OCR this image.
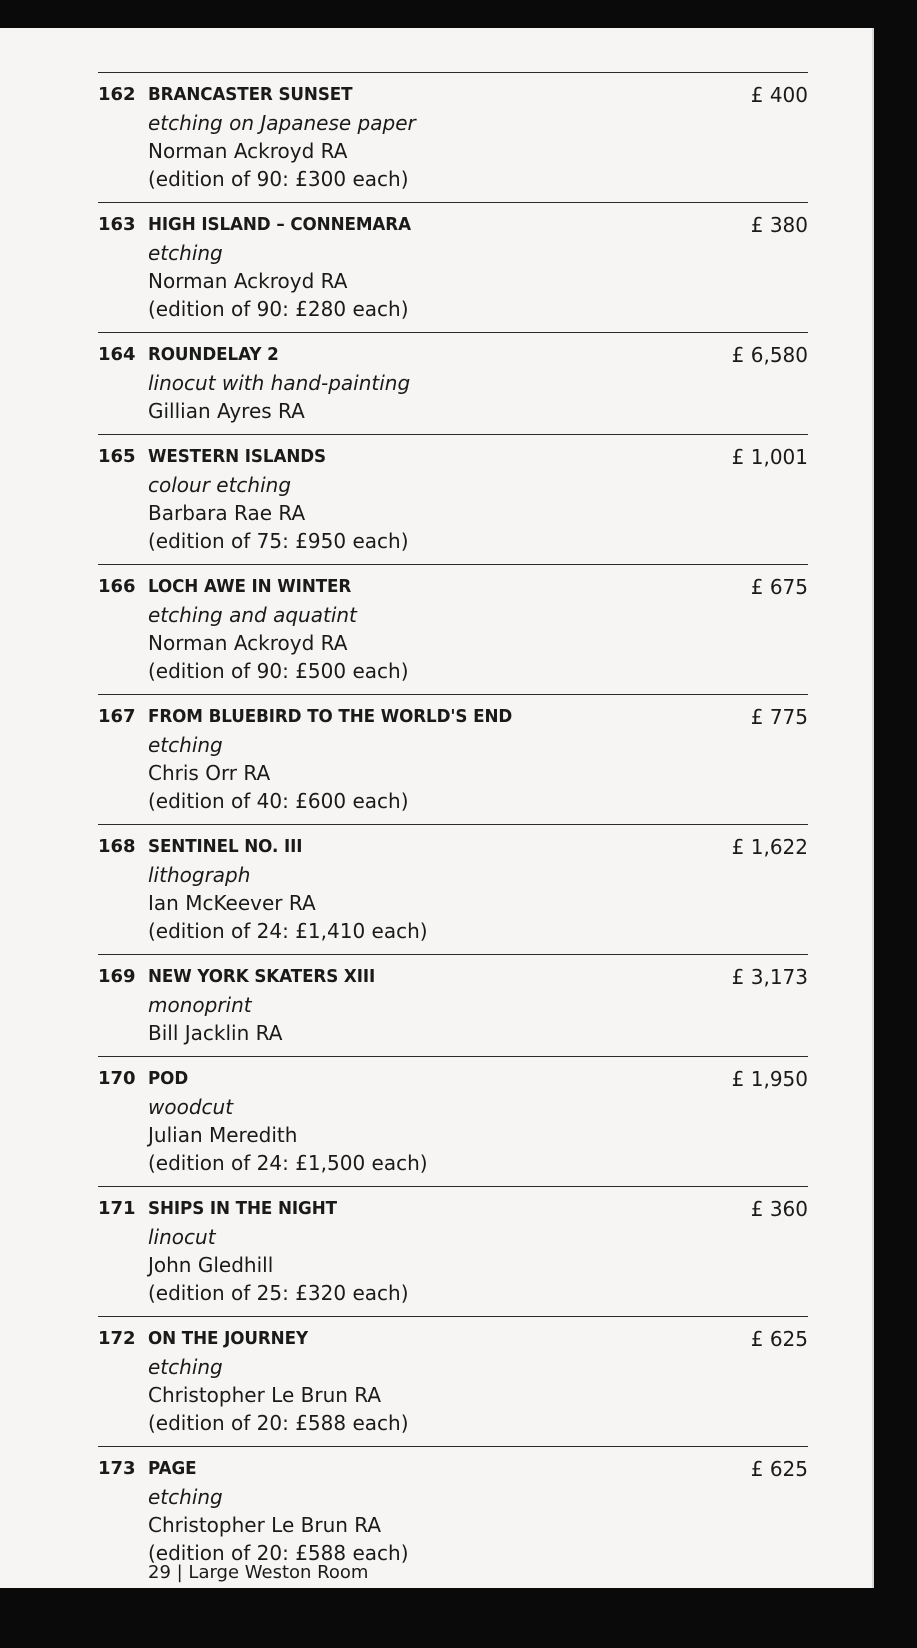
162 BRANCASTER SUNSET
etching on Japanese paper
Norman Ackroyd RA
(edition of 90: £300 each)
£ 400
163 HIGH ISLAND – CONNEMARA
etching
Norman Ackroyd RA
(edition of 90: £280 each)
£ 380
164 ROUNDELAY 2
linocut with hand-painting
Gillian Ayres RA
£ 6,580
165 WESTERN ISLANDS
colour etching
Barbara Rae RA
(edition of 75: £950 each)
£ 1,001
166 LOCH AWE IN WINTER
etching and aquatint
Norman Ackroyd RA
(edition of 90: £500 each)
£ 675
167 FROM BLUEBIRD TO THE WORLD'S END
etching
Chris Orr RA
(edition of 40: £600 each)
£ 775
168 SENTINEL NO. III
lithograph
Ian McKeever RA
(edition of 24: £1,410 each)
£ 1,622
169 NEW YORK SKATERS XIII
monoprint
Bill Jacklin RA
£ 3,173
170 POD
woodcut
Julian Meredith
(edition of 24: £1,500 each)
£ 1,950
171 SHIPS IN THE NIGHT
linocut
John Gledhill
(edition of 25: £320 each)
£ 360
172 ON THE JOURNEY
etching
Christopher Le Brun RA
(edition of 20: £588 each)
£ 625
173 PAGE
etching
Christopher Le Brun RA
(edition of 20: £588 each)
£ 625
29 | Large Weston Room
